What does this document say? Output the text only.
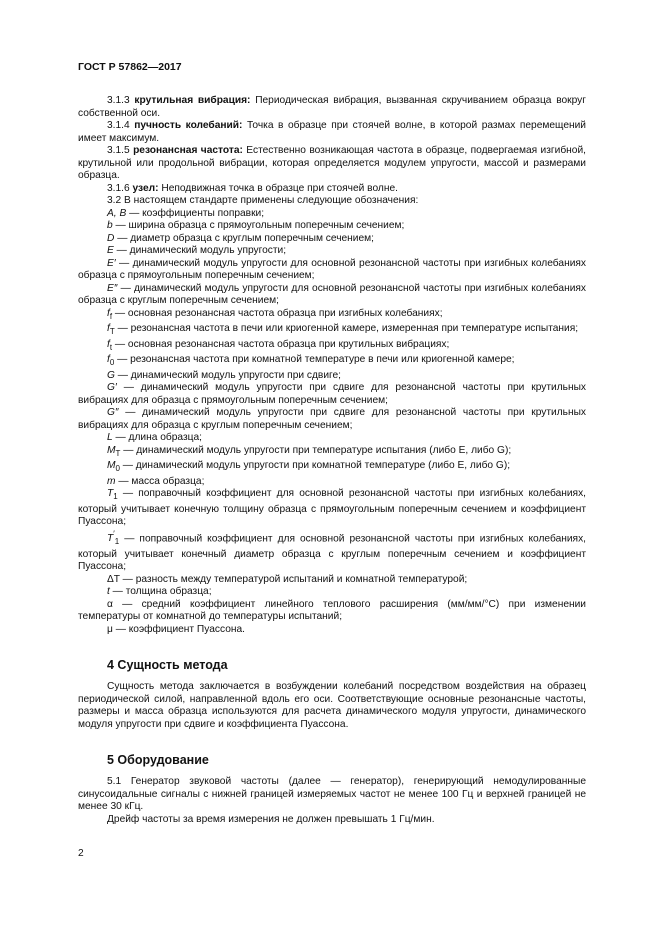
ГОСТ Р 57862—2017

3.1.3 крутильная вибрация: Периодическая вибрация, вызванная скручиванием образца вокруг собственной оси.

3.1.4 пучность колебаний: Точка в образце при стоячей волне, в которой размах перемещений имеет максимум.

3.1.5 резонансная частота: Естественно возникающая частота в образце, подвергаемая изгибной, крутильной или продольной вибрации, которая определяется модулем упругости, массой и размерами образца.

3.1.6 узел: Неподвижная точка в образце при стоячей волне.

3.2 В настоящем стандарте применены следующие обозначения:

A, B — коэффициенты поправки;

b — ширина образца с прямоугольным поперечным сечением;

D — диаметр образца с круглым поперечным сечением;

E — динамический модуль упругости;

E′ — динамический модуль упругости для основной резонансной частоты при изгибных колебаниях образца с прямоугольным поперечным сечением;

E″ — динамический модуль упругости для основной резонансной частоты при изгибных колебаниях образца с круглым поперечным сечением;

$f_f$ — основная резонансная частота образца при изгибных колебаниях;

$f_T$ — резонансная частота в печи или криогенной камере, измеренная при температуре испытания;

$f_t$ — основная резонансная частота образца при крутильных вибрациях;

$f_0$ — резонансная частота при комнатной температуре в печи или криогенной камере;

G — динамический модуль упругости при сдвиге;

G′ — динамический модуль упругости при сдвиге для резонансной частоты при крутильных вибрациях для образца с прямоугольным поперечным сечением;

G″ — динамический модуль упругости при сдвиге для резонансной частоты при крутильных вибрациях для образца с круглым поперечным сечением;

L — длина образца;

$M_T$ — динамический модуль упругости при температуре испытания (либо E, либо G);

$M_0$ — динамический модуль упругости при комнатной температуре (либо E, либо G);

m — масса образца;

$T_1$ — поправочный коэффициент для основной резонансной частоты при изгибных колебаниях, который учитывает конечную толщину образца с прямоугольным поперечным сечением и коэффициент Пуассона;

$T'_1$ — поправочный коэффициент для основной резонансной частоты при изгибных колебаниях, который учитывает конечный диаметр образца с круглым поперечным сечением и коэффициент Пуассона;

ΔT — разность между температурой испытаний и комнатной температурой;

t — толщина образца;

α — средний коэффициент линейного теплового расширения (мм/мм/°C) при изменении температуры от комнатной до температуры испытаний;

μ — коэффициент Пуассона.

4 Сущность метода

Сущность метода заключается в возбуждении колебаний посредством воздействия на образец периодической силой, направленной вдоль его оси. Соответствующие основные резонансные частоты, размеры и масса образца используются для расчета динамического модуля упругости, динамического модуля упругости при сдвиге и коэффициента Пуассона.

5 Оборудование

5.1 Генератор звуковой частоты (далее — генератор), генерирующий немодулированные синусоидальные сигналы с нижней границей измеряемых частот не менее 100 Гц и верхней границей не менее 30 кГц.

Дрейф частоты за время измерения не должен превышать 1 Гц/мин.

2
